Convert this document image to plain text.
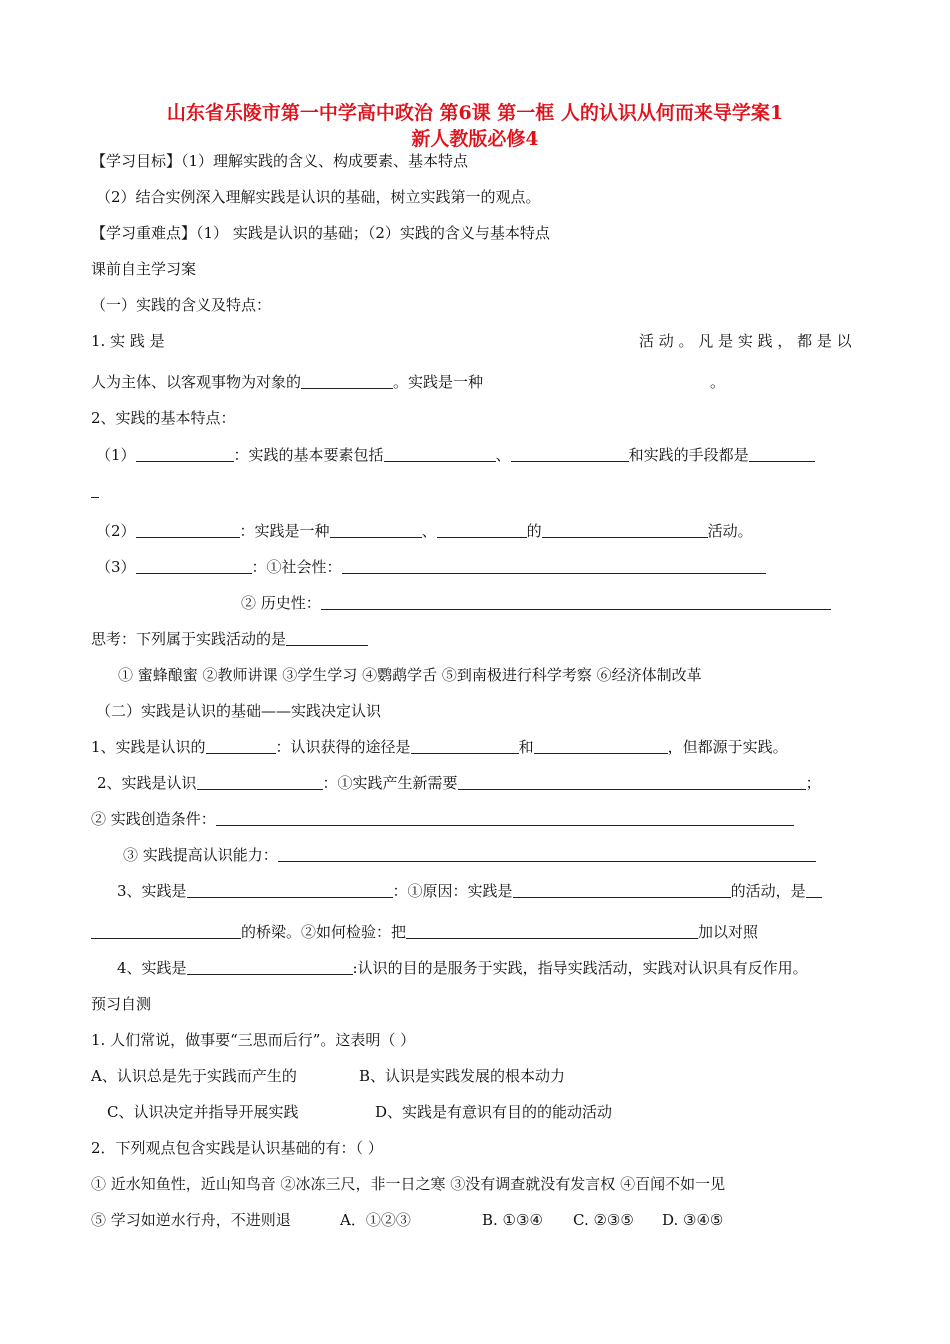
山东省乐陵市第一中学高中政治 第6课 第一框 人的认识从何而来导学案1
新人教版必修4
【学习目标】（1）理解实践的含义、构成要素、基本特点
（2）结合实例深入理解实践是认识的基础，树立实践第一的观点。
【学习重难点】（1） 实践是认识的基础；（2）实践的含义与基本特点
课前自主学习案
（一）实践的含义及特点：
1. 实 践 是	活 动 。 凡 是 实 践 ， 都 是 以
人为主体、以客观事物为对象的	。实践是一种	。
2、实践的基本特点：
（1）	：实践的基本要素包括	、	和实践的手段都是
（2）	：实践是一种	、	的	活动。
（3）	：①社会性：
② 历史性：
思考：下列属于实践活动的是
① 蜜蜂酿蜜 ②教师讲课 ③学生学习 ④鹦鹉学舌 ⑤到南极进行科学考察 ⑥经济体制改革
（二）实践是认识的基础——实践决定认识
1、实践是认识的	：认识获得的途径是	和	，但都源于实践。
2、实践是认识	：①实践产生新需要	；
② 实践创造条件：
③ 实践提高认识能力：
3、实践是	：①原因：实践是	的活动，是
的桥梁。②如何检验：把	加以对照
4、实践是	:认识的目的是服务于实践，指导实践活动，实践对认识具有反作用。
预习自测
1. 人们常说，做事要“三思而后行”。这表明（ ）
A、认识总是先于实践而产生的	B、认识是实践发展的根本动力
C、认识决定并指导开展实践	D、实践是有意识有目的的能动活动
2．下列观点包含实践是认识基础的有：（ ）
① 近水知鱼性，近山知鸟音 ②冰冻三尺，非一日之寒 ③没有调查就没有发言权 ④百闻不如一见
⑤ 学习如逆水行舟，不进则退	A．①②③	B. ①③④ C. ②③⑤ D. ③④⑤
